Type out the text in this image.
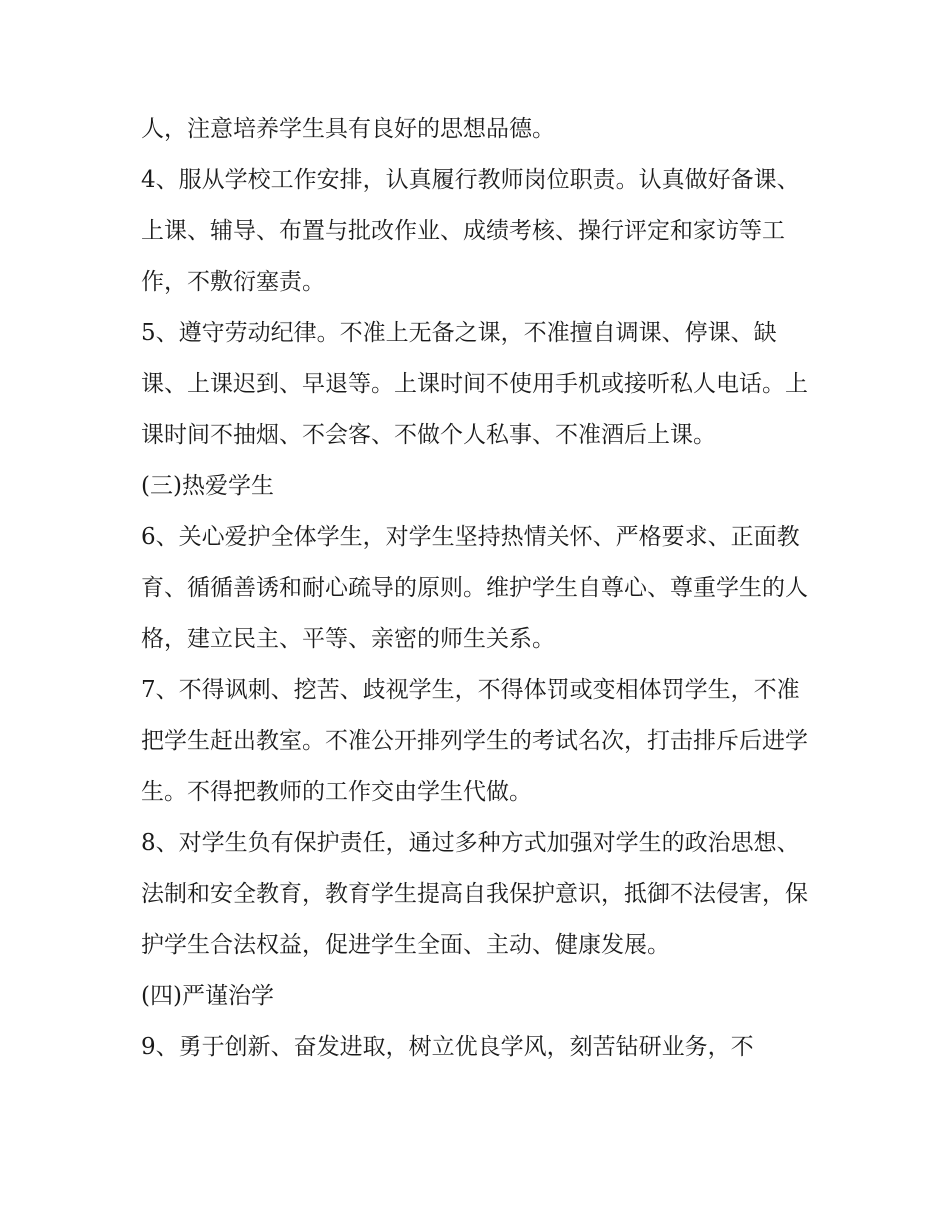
人，注意培养学生具有良好的思想品德。

4、服从学校工作安排，认真履行教师岗位职责。认真做好备课、上课、辅导、布置与批改作业、成绩考核、操行评定和家访等工作，不敷衍塞责。

5、遵守劳动纪律。不准上无备之课，不准擅自调课、停课、缺课、上课迟到、早退等。上课时间不使用手机或接听私人电话。上课时间不抽烟、不会客、不做个人私事、不准酒后上课。

(三)热爱学生

6、关心爱护全体学生，对学生坚持热情关怀、严格要求、正面教育、循循善诱和耐心疏导的原则。维护学生自尊心、尊重学生的人格，建立民主、平等、亲密的师生关系。

7、不得讽刺、挖苦、歧视学生，不得体罚或变相体罚学生，不准把学生赶出教室。不准公开排列学生的考试名次，打击排斥后进学生。不得把教师的工作交由学生代做。

8、对学生负有保护责任，通过多种方式加强对学生的政治思想、法制和安全教育，教育学生提高自我保护意识，抵御不法侵害，保护学生合法权益，促进学生全面、主动、健康发展。

(四)严谨治学

9、勇于创新、奋发进取，树立优良学风，刻苦钻研业务，不
